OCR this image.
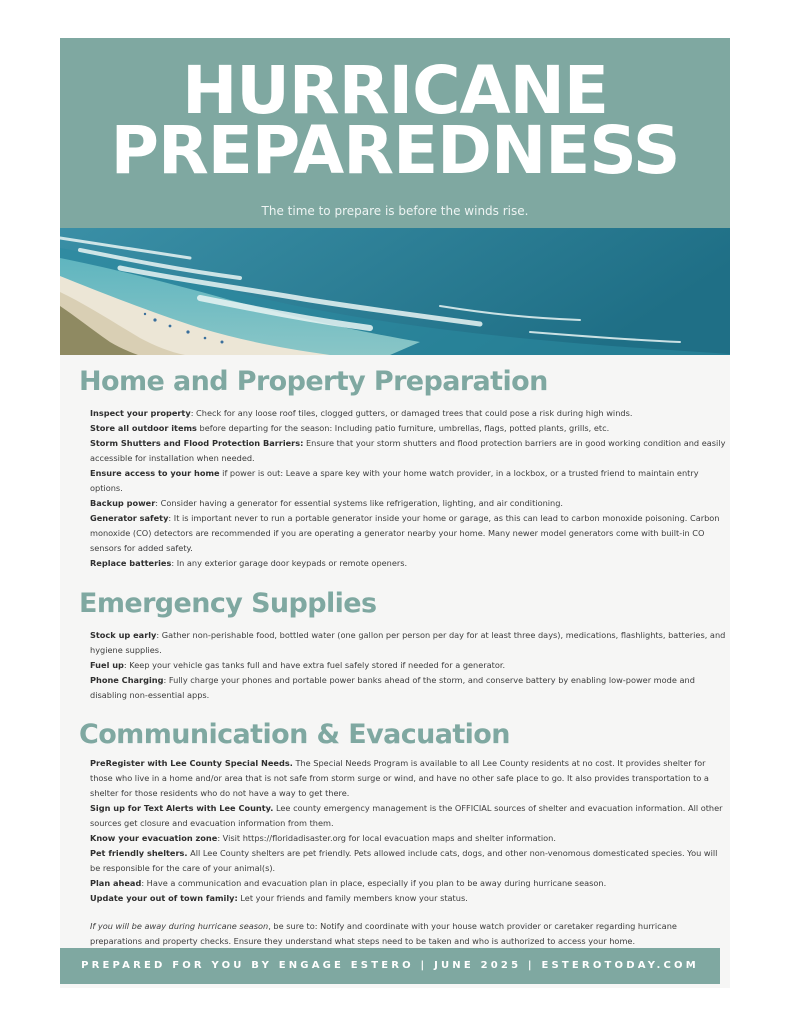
HURRICANE
PREPAREDNESS
The time to prepare is before the winds rise.
Home and Property Preparation

Inspect your property: Check for any loose roof tiles, clogged gutters, or damaged trees that could pose a risk during high winds.

Store all outdoor items before departing for the season: Including patio furniture, umbrellas, flags, potted plants, grills, etc.

Storm Shutters and Flood Protection Barriers: Ensure that your storm shutters and flood protection barriers are in good working condition and easily accessible for installation when needed.

Ensure access to your home if power is out: Leave a spare key with your home watch provider, in a lockbox, or a trusted friend to maintain entry options.

Backup power: Consider having a generator for essential systems like refrigeration, lighting, and air conditioning.

Generator safety: It is important never to run a portable generator inside your home or garage, as this can lead to carbon monoxide poisoning. Carbon monoxide (CO) detectors are recommended if you are operating a generator nearby your home. Many newer model generators come with built-in CO sensors for added safety.

Replace batteries: In any exterior garage door keypads or remote openers.

Emergency Supplies

Stock up early: Gather non-perishable food, bottled water (one gallon per person per day for at least three days), medications, flashlights, batteries, and hygiene supplies.

Fuel up: Keep your vehicle gas tanks full and have extra fuel safely stored if needed for a generator.

Phone Charging: Fully charge your phones and portable power banks ahead of the storm, and conserve battery by enabling low-power mode and disabling non-essential apps.

Communication & Evacuation

PreRegister with Lee County Special Needs. The Special Needs Program is available to all Lee County residents at no cost. It provides shelter for those who live in a home and/or area that is not safe from storm surge or wind, and have no other safe place to go. It also provides transportation to a shelter for those residents who do not have a way to get there.

Sign up for Text Alerts with Lee County. Lee county emergency management is the OFFICIAL sources of shelter and evacuation information. All other sources get closure and evacuation information from them.

Know your evacuation zone: Visit https://floridadisaster.org for local evacuation maps and shelter information.

Pet friendly shelters. All Lee County shelters are pet friendly. Pets allowed include cats, dogs, and other non-venomous domesticated species. You will be responsible for the care of your animal(s).

Plan ahead: Have a communication and evacuation plan in place, especially if you plan to be away during hurricane season.

Update your out of town family: Let your friends and family members know your status.

If you will be away during hurricane season, be sure to: Notify and coordinate with your house watch provider or caretaker regarding hurricane preparations and property checks. Ensure they understand what steps need to be taken and who is authorized to access your home.

PREPARED FOR YOU BY ENGAGE ESTERO | JUNE 2025 | ESTEROTODAY.COM
